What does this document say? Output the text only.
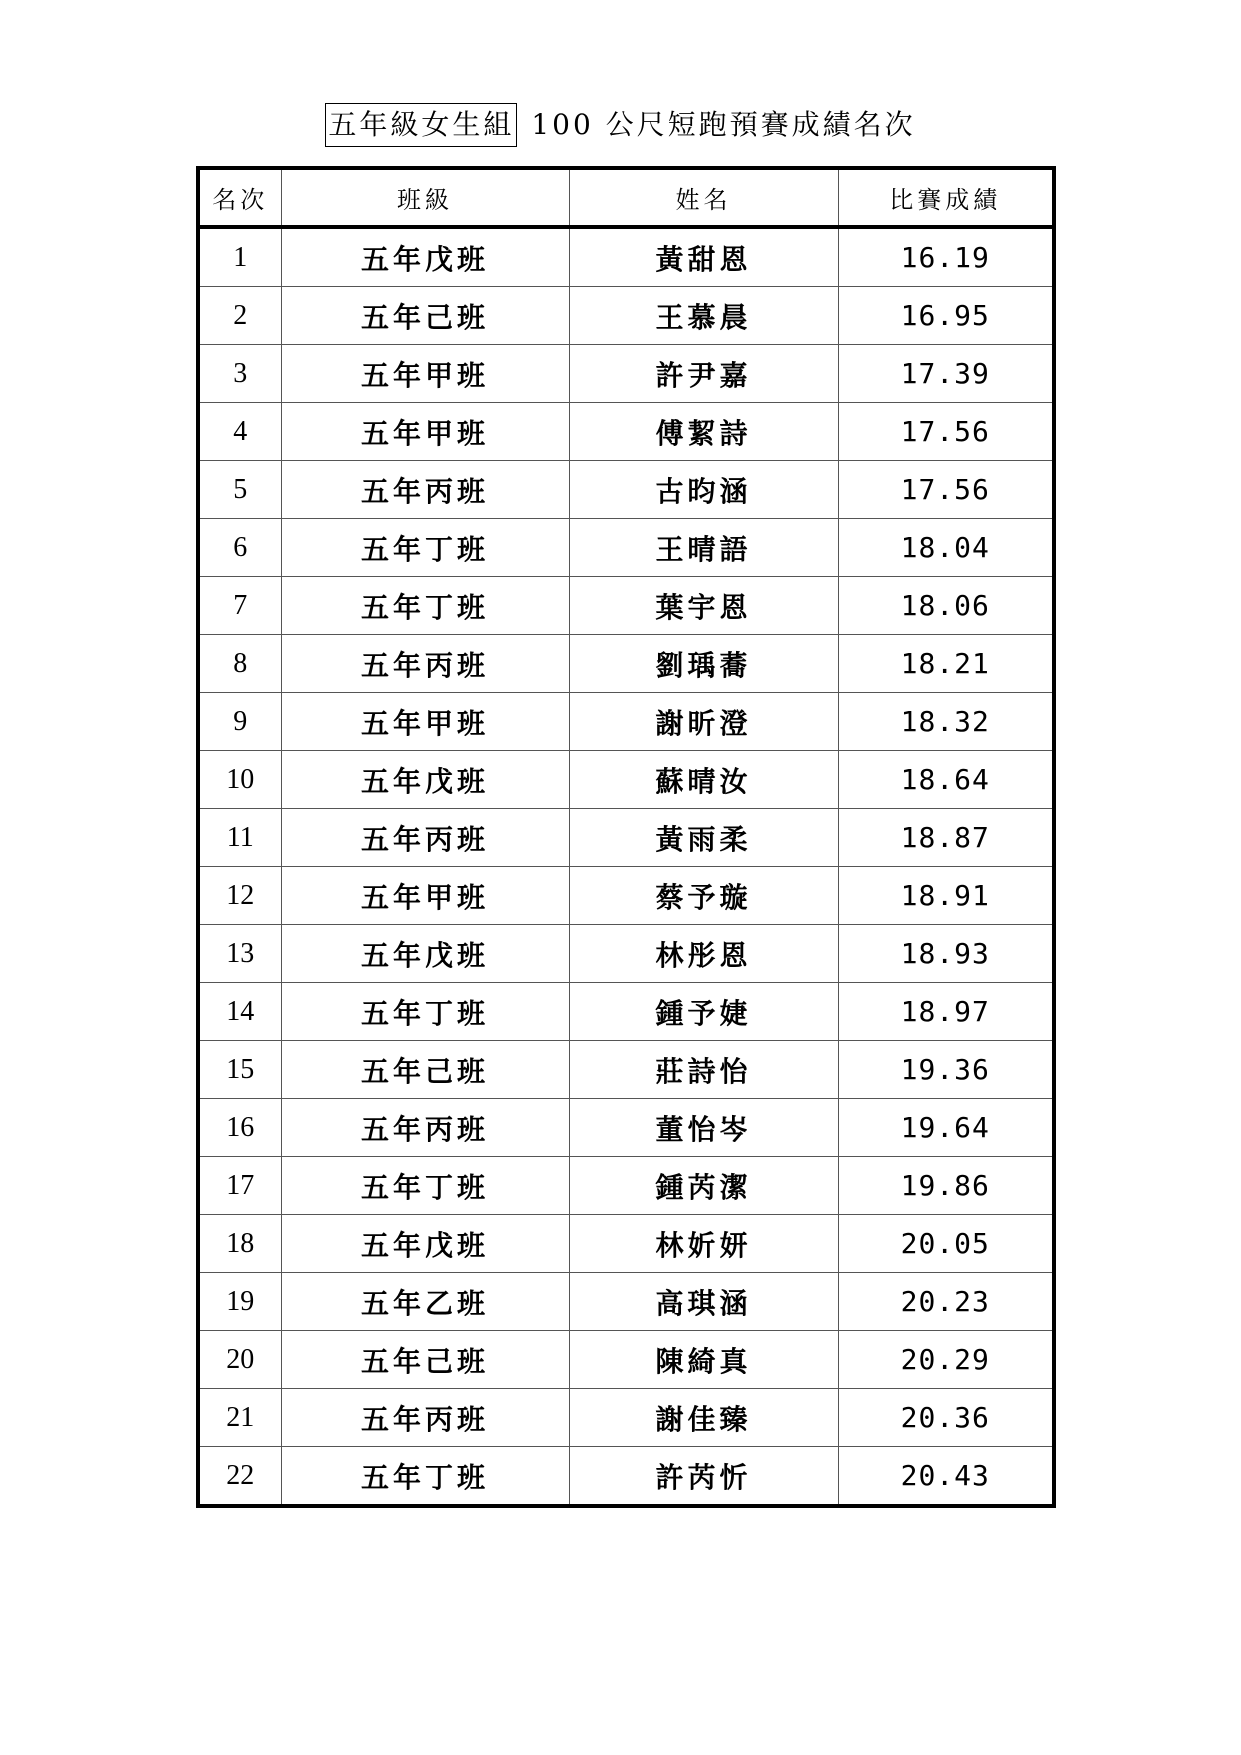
五年級女生組 100 公尺短跑預賽成績名次
名次	班級	姓名	比賽成績
1	五年戊班	黃甜恩	16.19
2	五年己班	王慕晨	16.95
3	五年甲班	許尹嘉	17.39
4	五年甲班	傅絜詩	17.56
5	五年丙班	古昀涵	17.56
6	五年丁班	王晴語	18.04
7	五年丁班	葉宇恩	18.06
8	五年丙班	劉瑀蕎	18.21
9	五年甲班	謝昕澄	18.32
10	五年戊班	蘇晴汝	18.64
11	五年丙班	黃雨柔	18.87
12	五年甲班	蔡予璇	18.91
13	五年戊班	林彤恩	18.93
14	五年丁班	鍾予婕	18.97
15	五年己班	莊詩怡	19.36
16	五年丙班	董怡岑	19.64
17	五年丁班	鍾芮潔	19.86
18	五年戊班	林妡妍	20.05
19	五年乙班	高琪涵	20.23
20	五年己班	陳綺真	20.29
21	五年丙班	謝佳臻	20.36
22	五年丁班	許芮忻	20.43
